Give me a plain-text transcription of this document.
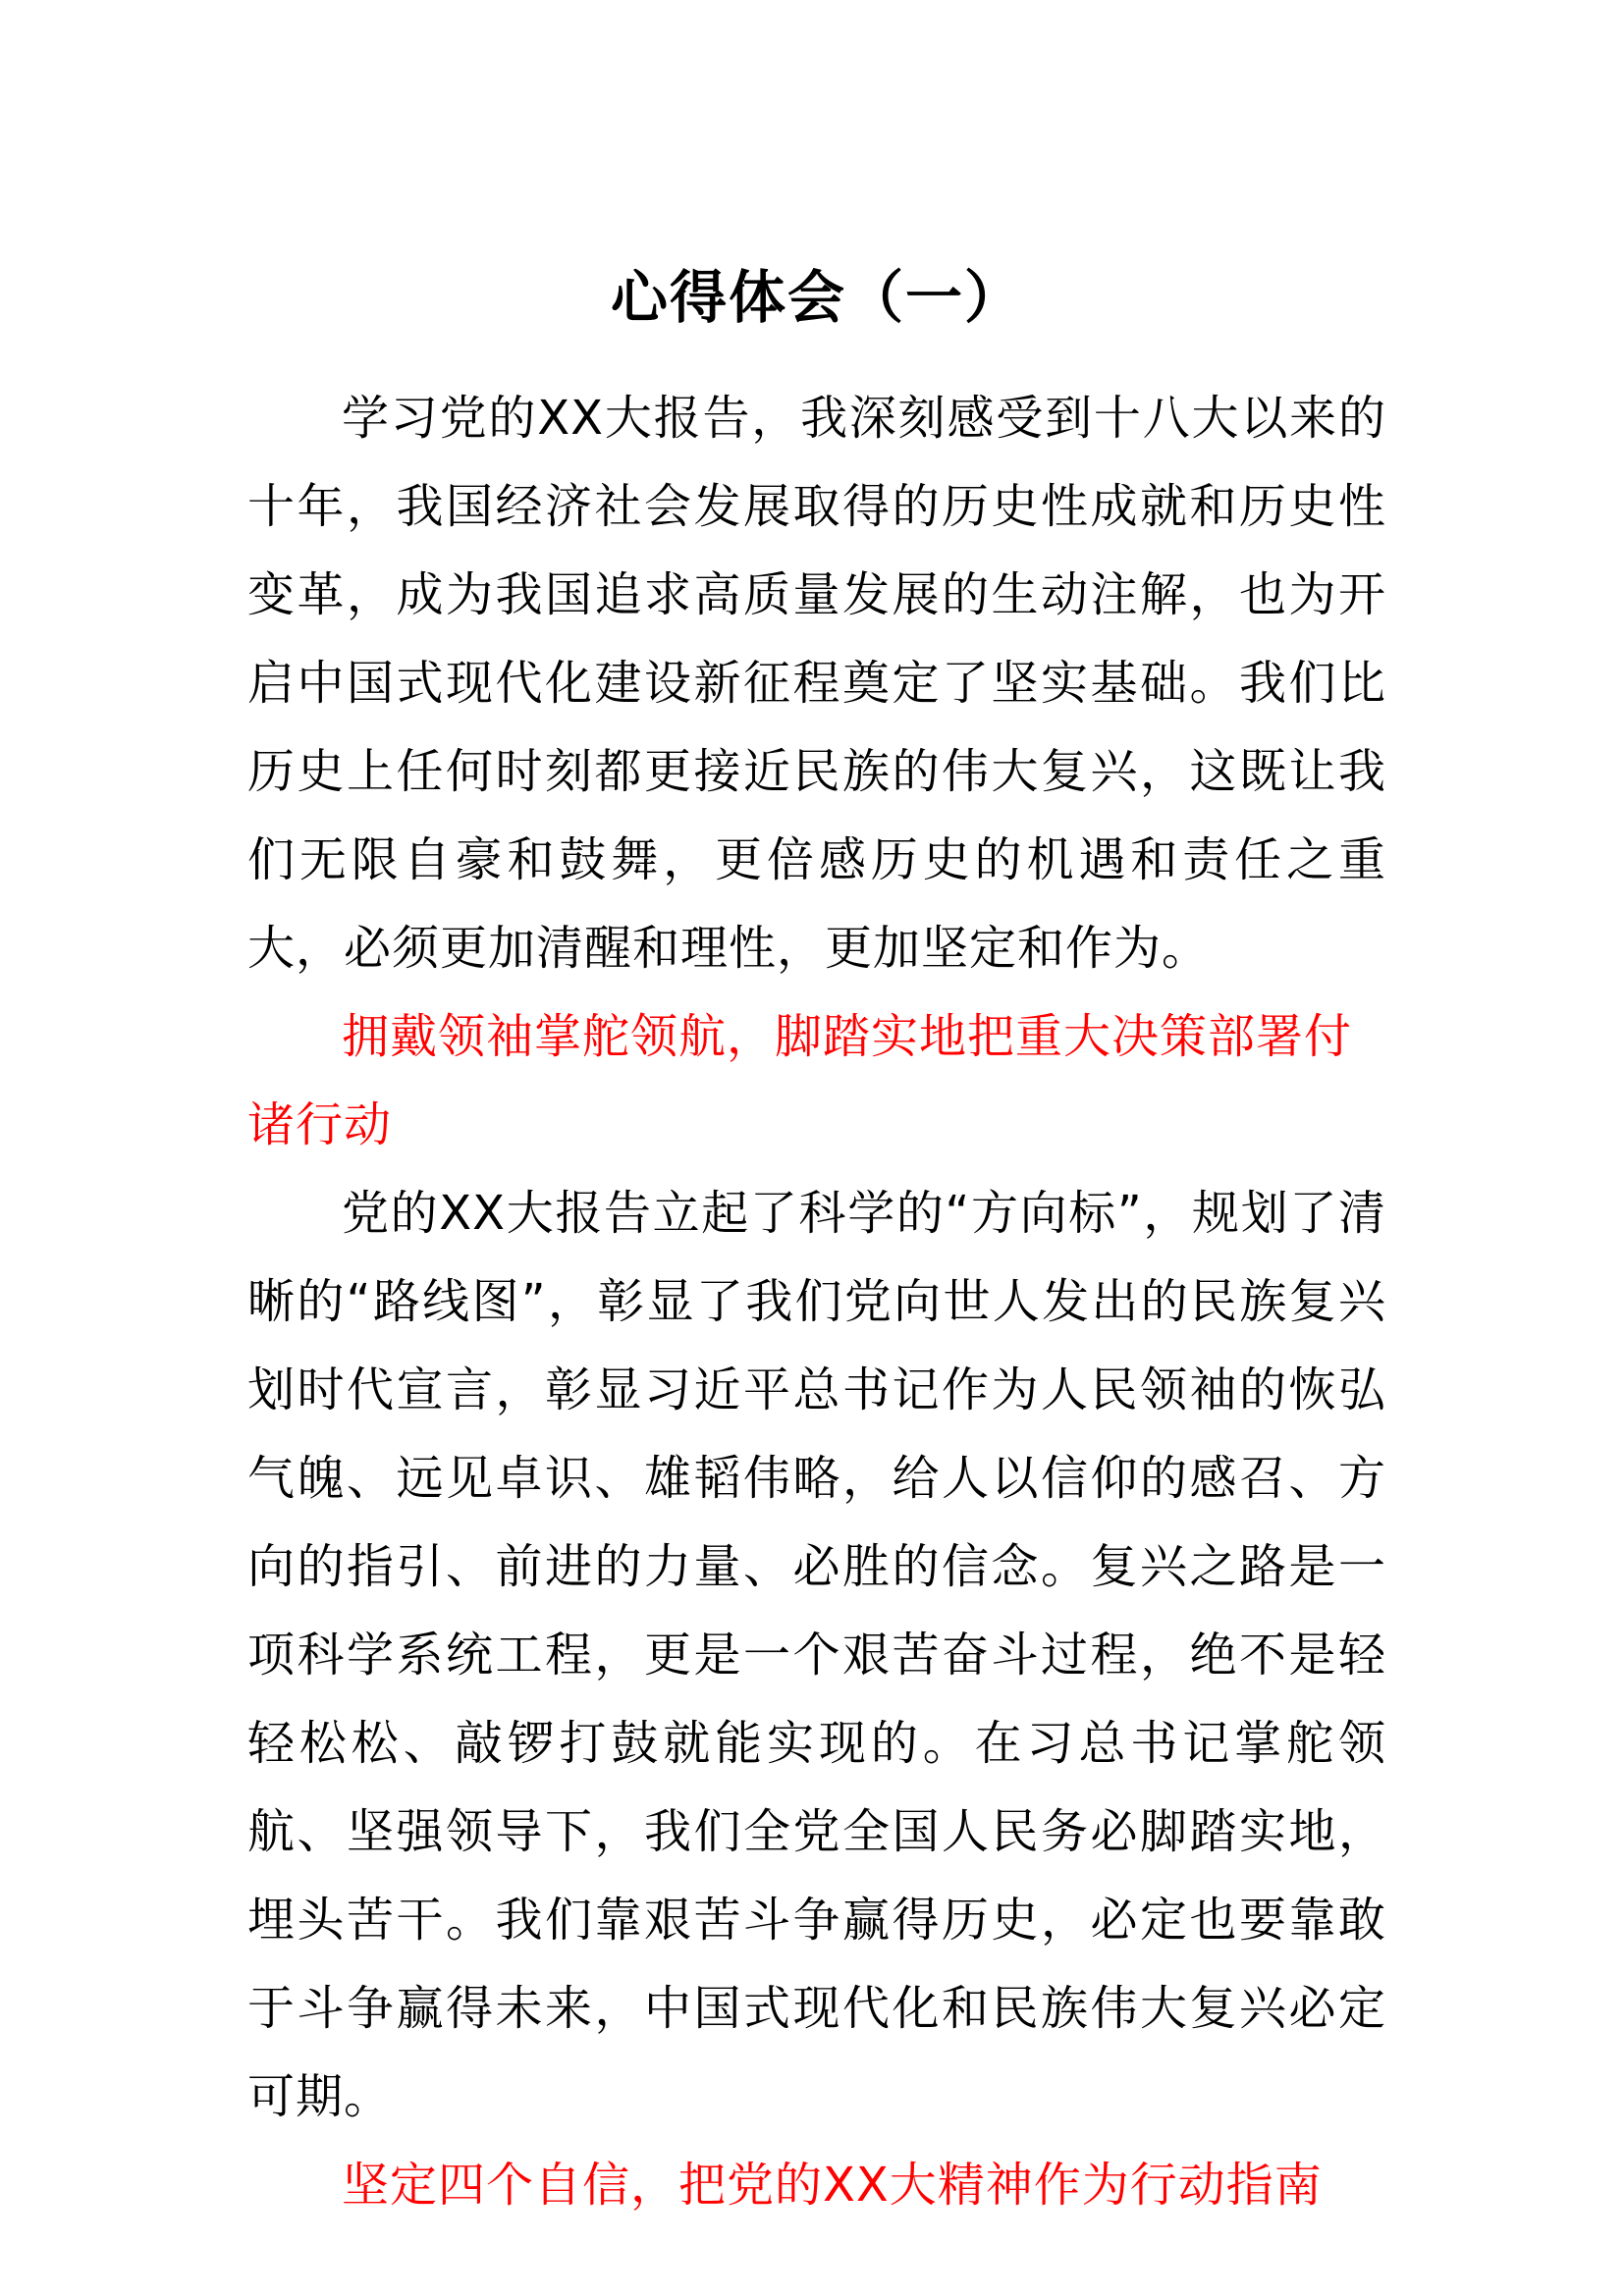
心得体会（一）

学习党的XX大报告，我深刻感受到十八大以来的十年，我国经济社会发展取得的历史性成就和历史性变革，成为我国追求高质量发展的生动注解，也为开启中国式现代化建设新征程奠定了坚实基础。我们比历史上任何时刻都更接近民族的伟大复兴，这既让我们无限自豪和鼓舞，更倍感历史的机遇和责任之重大，必须更加清醒和理性，更加坚定和作为。

拥戴领袖掌舵领航，脚踏实地把重大决策部署付诸行动

党的XX大报告立起了科学的“方向标”，规划了清晰的“路线图”，彰显了我们党向世人发出的民族复兴划时代宣言，彰显习近平总书记作为人民领袖的恢弘气魄、远见卓识、雄韬伟略，给人以信仰的感召、方向的指引、前进的力量、必胜的信念。复兴之路是一项科学系统工程，更是一个艰苦奋斗过程，绝不是轻轻松松、敲锣打鼓就能实现的。在习总书记掌舵领航、坚强领导下，我们全党全国人民务必脚踏实地，埋头苦干。我们靠艰苦斗争赢得历史，必定也要靠敢于斗争赢得未来，中国式现代化和民族伟大复兴必定可期。

坚定四个自信，把党的XX大精神作为行动指南
